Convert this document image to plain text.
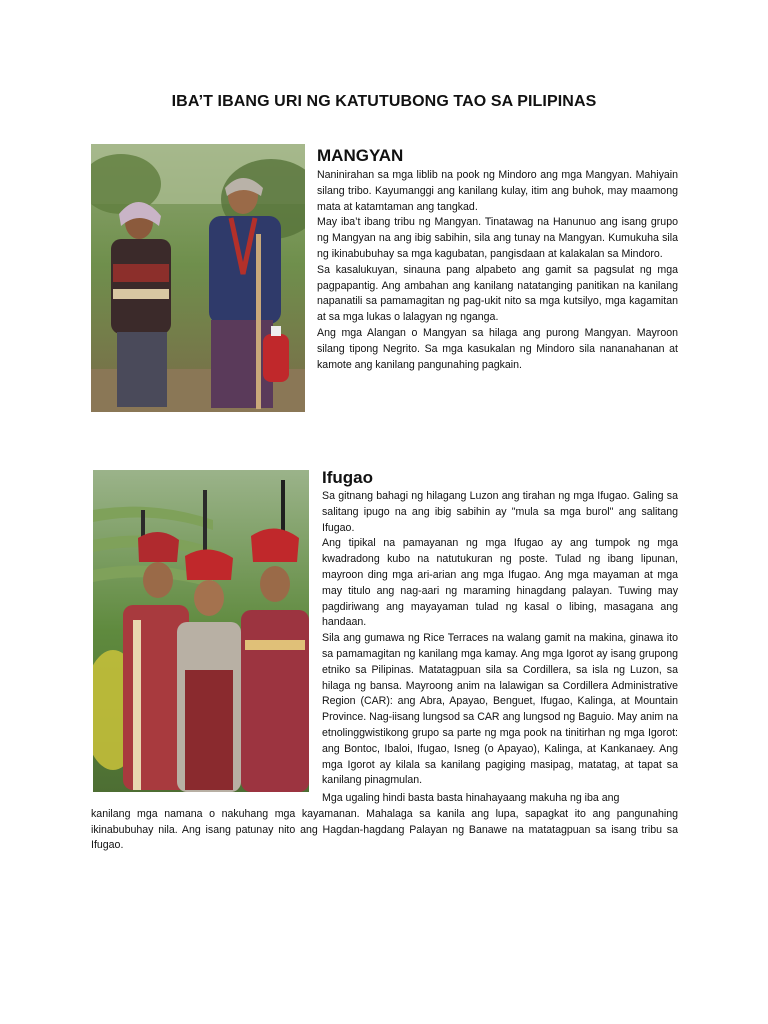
IBA’T IBANG URI NG KATUTUBONG TAO SA PILIPINAS
MANGYAN

Naninirahan sa mga liblib na pook ng Mindoro ang mga Mangyan. Mahiyain silang tribo. Kayumanggi ang kanilang kulay, itim ang buhok, may maamong mata at katamtaman ang tangkad.

May iba’t ibang tribu ng Mangyan. Tinatawag na Hanunuo ang isang grupo ng Mangyan na ang ibig sabihin, sila ang tunay na Mangyan. Kumukuha sila ng ikinabubuhay sa mga kagubatan, pangisdaan at kalakalan sa Mindoro.

Sa kasalukuyan, sinauna pang alpabeto ang gamit sa pagsulat ng mga pagpapantig. Ang ambahan ang kanilang natatanging panitikan na kanilang napanatili sa pamamagitan ng pag-ukit nito sa mga kutsilyo, mga kagamitan at sa mga lukas o lalagyan ng nganga.

Ang mga Alangan o Mangyan sa hilaga ang purong Mangyan. Mayroon silang tipong Negrito. Sa mga kasukalan ng Mindoro sila nananahanan at kamote ang kanilang pangunahing pagkain.

Ifugao

Sa gitnang bahagi ng hilagang Luzon ang tirahan ng mga Ifugao. Galing sa salitang ipugo na ang ibig sabihin ay "mula sa mga burol" ang salitang Ifugao.

Ang tipikal na pamayanan ng mga Ifugao ay ang tumpok ng mga kwadradong kubo na natutukuran ng poste. Tulad ng ibang lipunan, mayroon ding mga ari-arian ang mga Ifugao. Ang mga mayaman at mga may titulo ang nag-aari ng maraming hinagdang palayan. Tuwing may pagdiriwang ang mayayaman tulad ng kasal o libing, masagana ang handaan.

Sila ang gumawa ng Rice Terraces na walang gamit na makina, ginawa ito sa pamamagitan ng kanilang mga kamay. Ang mga Igorot ay isang grupong etniko sa Pilipinas. Matatagpuan sila sa Cordillera, sa isla ng Luzon, sa hilaga ng bansa. Mayroong anim na lalawigan sa Cordillera Administrative Region (CAR): ang Abra, Apayao, Benguet, Ifugao, Kalinga, at Mountain Province. Nag-iisang lungsod sa CAR ang lungsod ng Baguio. May anim na etnolinggwistikong grupo sa parte ng mga pook na tinitirhan ng mga Igorot: ang Bontoc, Ibaloi, Ifugao, Isneg (o Apayao), Kalinga, at Kankanaey. Ang mga Igorot ay kilala sa kanilang pagiging masipag, matatag, at tapat sa kanilang pinagmulan.

Mga ugaling hindi basta basta hinahayaang makuha ng iba ang

kanilang mga namana o nakuhang mga kayamanan. Mahalaga sa kanila ang lupa, sapagkat ito ang pangunahing ikinabubuhay nila. Ang isang patunay nito ang Hagdan-hagdang Palayan ng Banawe na matatagpuan sa isang tribu sa Ifugao.
